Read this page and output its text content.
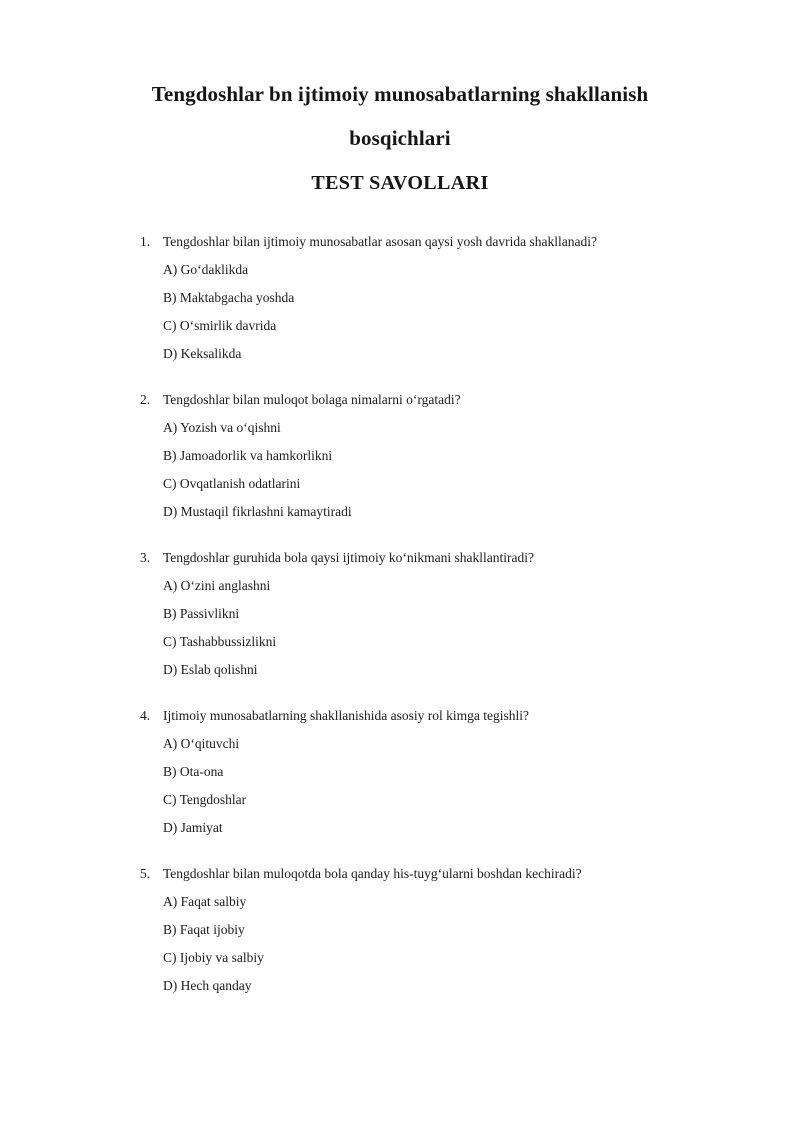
Tengdoshlar bn ijtimoiy munosabatlarning shakllanish bosqichlari
TEST SAVOLLARI
1. Tengdoshlar bilan ijtimoiy munosabatlar asosan qaysi yosh davrida shakllanadi?
A) Goʻdaklikda
B) Maktabgacha yoshda
C) Oʻsmirlik davrida
D) Keksalikda
2. Tengdoshlar bilan muloqot bolaga nimalarni oʻrgatadi?
A) Yozish va oʻqishni
B) Jamoadorlik va hamkorlikni
C) Ovqatlanish odatlarini
D) Mustaqil fikrlashni kamaytiradi
3. Tengdoshlar guruhida bola qaysi ijtimoiy koʻnikmani shakllantiradi?
A) Oʻzini anglashni
B) Passivlikni
C) Tashabbussizlikni
D) Eslab qolishni
4. Ijtimoiy munosabatlarning shakllanishida asosiy rol kimga tegishli?
A) Oʻqituvchi
B) Ota-ona
C) Tengdoshlar
D) Jamiyat
5. Tengdoshlar bilan muloqotda bola qanday his-tuygʻularni boshdan kechiradi?
A) Faqat salbiy
B) Faqat ijobiy
C) Ijobiy va salbiy
D) Hech qanday
